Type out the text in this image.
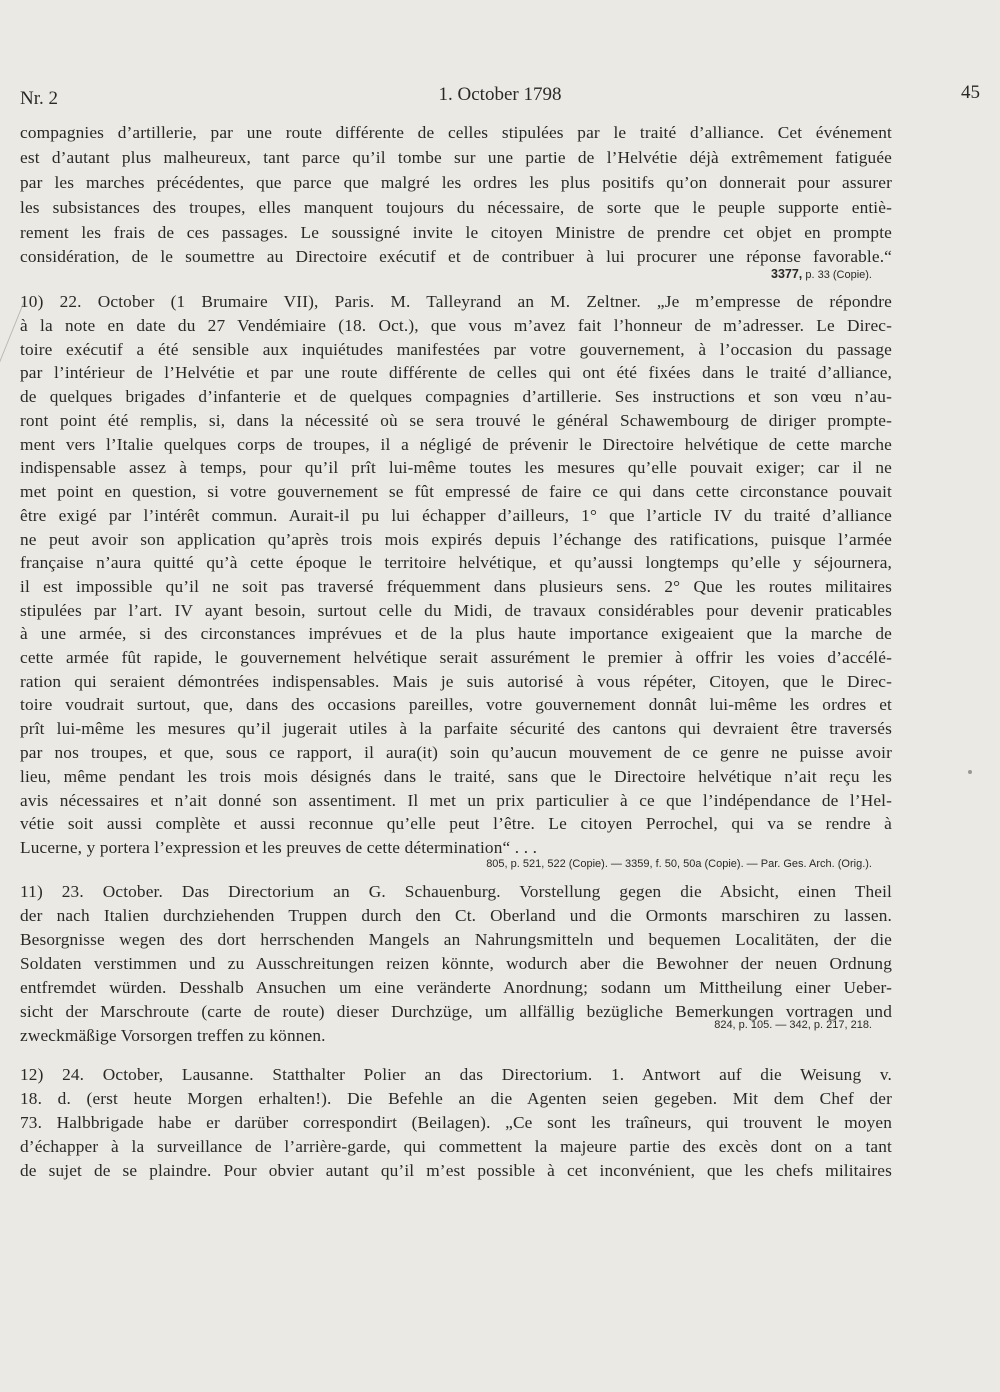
Nr. 2	1. October 1798	45
compagnies d’artillerie, par une route différente de celles stipulées par le traité d’alliance. Cet événement
est d’autant plus malheureux, tant parce qu’il tombe sur une partie de l’Helvétie déjà extrêmement fatiguée
par les marches précédentes, que parce que malgré les ordres les plus positifs qu’on donnerait pour assurer
les subsistances des troupes, elles manquent toujours du nécessaire, de sorte que le peuple supporte entiè-
rement les frais de ces passages. Le soussigné invite le citoyen Ministre de prendre cet objet en prompte
considération, de le soumettre au Directoire exécutif et de contribuer à lui procurer une réponse favorable.“
3377, p. 33 (Copie).
10) 22. October (1 Brumaire VII), Paris. M. Talleyrand an M. Zeltner. „Je m’empresse de répondre
à la note en date du 27 Vendémiaire (18. Oct.), que vous m’avez fait l’honneur de m’adresser. Le Direc-
toire exécutif a été sensible aux inquiétudes manifestées par votre gouvernement, à l’occasion du passage
par l’intérieur de l’Helvétie et par une route différente de celles qui ont été fixées dans le traité d’alliance,
de quelques brigades d’infanterie et de quelques compagnies d’artillerie. Ses instructions et son vœu n’au-
ront point été remplis, si, dans la nécessité où se sera trouvé le général Schawembourg de diriger prompte-
ment vers l’Italie quelques corps de troupes, il a négligé de prévenir le Directoire helvétique de cette marche
indispensable assez à temps, pour qu’il prît lui-même toutes les mesures qu’elle pouvait exiger; car il ne
met point en question, si votre gouvernement se fût empressé de faire ce qui dans cette circonstance pouvait
être exigé par l’intérêt commun. Aurait-il pu lui échapper d’ailleurs, 1° que l’article IV du traité d’alliance
ne peut avoir son application qu’après trois mois expirés depuis l’échange des ratifications, puisque l’armée
française n’aura quitté qu’à cette époque le territoire helvétique, et qu’aussi longtemps qu’elle y séjournera,
il est impossible qu’il ne soit pas traversé fréquemment dans plusieurs sens. 2° Que les routes militaires
stipulées par l’art. IV ayant besoin, surtout celle du Midi, de travaux considérables pour devenir praticables
à une armée, si des circonstances imprévues et de la plus haute importance exigeaient que la marche de
cette armée fût rapide, le gouvernement helvétique serait assurément le premier à offrir les voies d’accélé-
ration qui seraient démontrées indispensables. Mais je suis autorisé à vous répéter, Citoyen, que le Direc-
toire voudrait surtout, que, dans des occasions pareilles, votre gouvernement donnât lui-même les ordres et
prît lui-même les mesures qu’il jugerait utiles à la parfaite sécurité des cantons qui devraient être traversés
par nos troupes, et que, sous ce rapport, il aura(it) soin qu’aucun mouvement de ce genre ne puisse avoir
lieu, même pendant les trois mois désignés dans le traité, sans que le Directoire helvétique n’ait reçu les
avis nécessaires et n’ait donné son assentiment. Il met un prix particulier à ce que l’indépendance de l’Hel-
vétie soit aussi complète et aussi reconnue qu’elle peut l’être. Le citoyen Perrochel, qui va se rendre à
Lucerne, y portera l’expression et les preuves de cette détermination“ . . .
805, p. 521, 522 (Copie). — 3359, f. 50, 50a (Copie). — Par. Ges. Arch. (Orig.).
11) 23. October. Das Directorium an G. Schauenburg. Vorstellung gegen die Absicht, einen Theil
der nach Italien durchziehenden Truppen durch den Ct. Oberland und die Ormonts marschiren zu lassen.
Besorgnisse wegen des dort herrschenden Mangels an Nahrungsmitteln und bequemen Localitäten, der die
Soldaten verstimmen und zu Ausschreitungen reizen könnte, wodurch aber die Bewohner der neuen Ordnung
entfremdet würden. Desshalb Ansuchen um eine veränderte Anordnung; sodann um Mittheilung einer Ueber-
sicht der Marschroute (carte de route) dieser Durchzüge, um allfällig bezügliche Bemerkungen vortragen und
zweckmäßige Vorsorgen treffen zu können.
824, p. 105. — 342, p. 217, 218.
12) 24. October, Lausanne. Statthalter Polier an das Directorium. 1. Antwort auf die Weisung v.
18. d. (erst heute Morgen erhalten!). Die Befehle an die Agenten seien gegeben. Mit dem Chef der
73. Halbbrigade habe er darüber correspondirt (Beilagen). „Ce sont les traîneurs, qui trouvent le moyen
d’échapper à la surveillance de l’arrière-garde, qui commettent la majeure partie des excès dont on a tant
de sujet de se plaindre. Pour obvier autant qu’il m’est possible à cet inconvénient, que les chefs militaires
